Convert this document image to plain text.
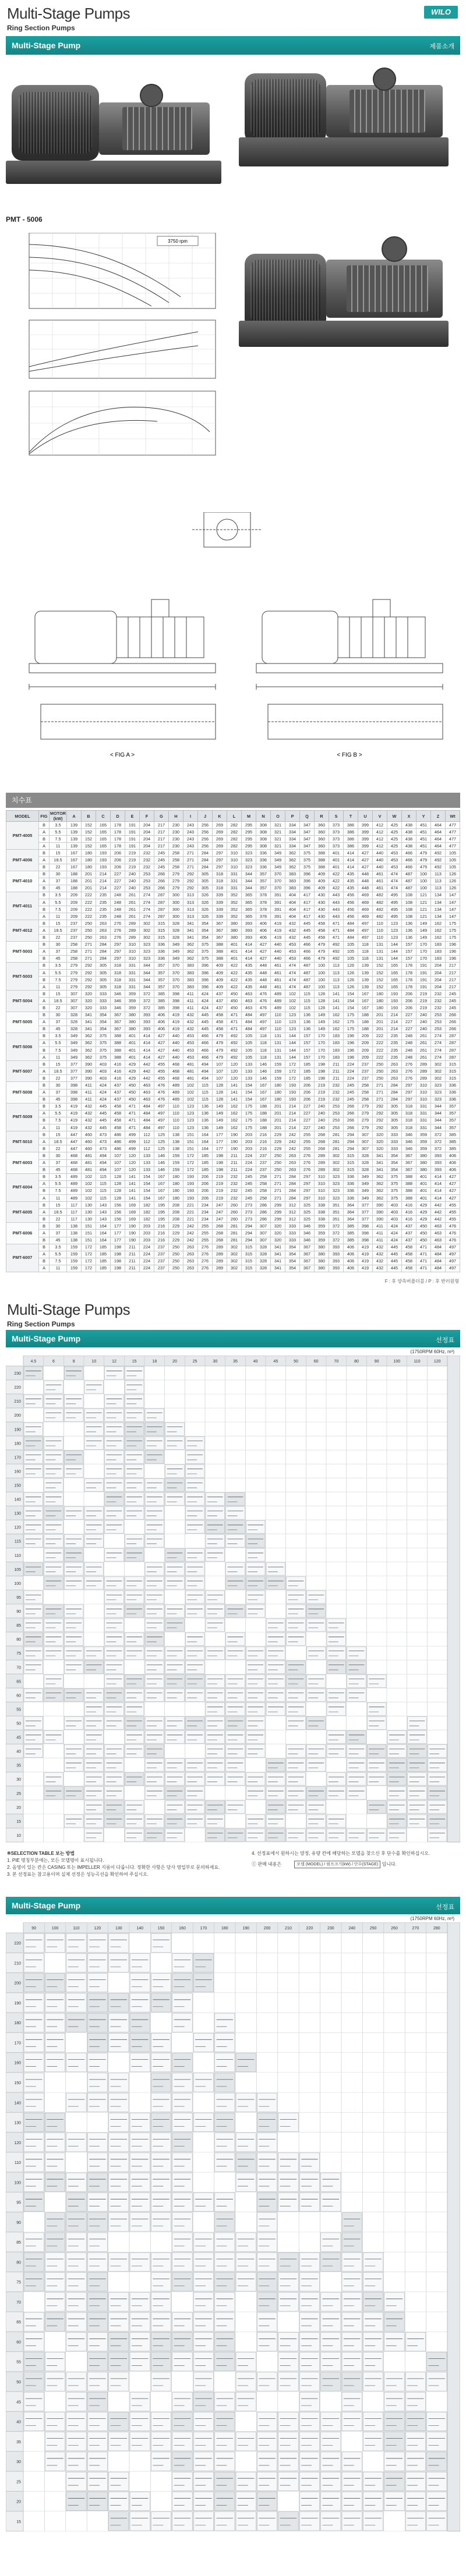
Multi-Stage Pumps
Ring Section Pumps
WILO
Multi-Stage Pump	제품소개
PMT - 5006
3750 rpm
< FIG A >	< FIG B >
치수표
MODEL	FIG	MOTOR (kW)	A	B	C	D	E	F	G	H	I	J	K	L	M	N	O	P	Q	R	S	T	U	V	W	X	Y	Z	Wt
PMT-4005	B	3.5	139	152	165	178	191	204	217	230	243	256	269	282	295	308	321	334	347	360	373	386	399	412	425	438	451	464	477
	A	5.5	139	152	165	178	191	204	217	230	243	256	269	282	295	308	321	334	347	360	373	386	399	412	425	438	451	464	477
	B	7.5	139	152	165	178	191	204	217	230	243	256	269	282	295	308	321	334	347	360	373	386	399	412	425	438	451	464	477
	A	11	139	152	165	178	191	204	217	230	243	256	269	282	295	308	321	334	347	360	373	386	399	412	425	438	451	464	477
PMT-4006	B	15	167	180	193	206	219	232	245	258	271	284	297	310	323	336	349	362	375	388	401	414	427	440	453	466	479	492	105
	A	18.5	167	180	193	206	219	232	245	258	271	284	297	310	323	336	349	362	375	388	401	414	427	440	453	466	479	492	105
	B	22	167	180	193	206	219	232	245	258	271	284	297	310	323	336	349	362	375	388	401	414	427	440	453	466	479	492	105
PMT-4010	B	30	188	201	214	227	240	253	266	279	292	305	318	331	344	357	370	383	396	409	422	435	448	461	474	487	100	113	126
	A	37	188	201	214	227	240	253	266	279	292	305	318	331	344	357	370	383	396	409	422	435	448	461	474	487	100	113	126
	B	45	188	201	214	227	240	253	266	279	292	305	318	331	344	357	370	383	396	409	422	435	448	461	474	487	100	113	126
PMT-4011	B	3.5	209	222	235	248	261	274	287	300	313	326	339	352	365	378	391	404	417	430	443	456	469	482	495	108	121	134	147
	A	5.5	209	222	235	248	261	274	287	300	313	326	339	352	365	378	391	404	417	430	443	456	469	482	495	108	121	134	147
	B	7.5	209	222	235	248	261	274	287	300	313	326	339	352	365	378	391	404	417	430	443	456	469	482	495	108	121	134	147
	A	11	209	222	235	248	261	274	287	300	313	326	339	352	365	378	391	404	417	430	443	456	469	482	495	108	121	134	147
PMT-4012	B	15	237	250	263	276	289	302	315	328	341	354	367	380	393	406	419	432	445	458	471	484	497	110	123	136	149	162	175
	A	18.5	237	250	263	276	289	302	315	328	341	354	367	380	393	406	419	432	445	458	471	484	497	110	123	136	149	162	175
	B	22	237	250	263	276	289	302	315	328	341	354	367	380	393	406	419	432	445	458	471	484	497	110	123	136	149	162	175
PMT-5003	B	30	258	271	284	297	310	323	336	349	362	375	388	401	414	427	440	453	466	479	492	105	118	131	144	157	170	183	196
	A	37	258	271	284	297	310	323	336	349	362	375	388	401	414	427	440	453	466	479	492	105	118	131	144	157	170	183	196
	B	45	258	271	284	297	310	323	336	349	362	375	388	401	414	427	440	453	466	479	492	105	118	131	144	157	170	183	196
PMT-5003	B	3.5	279	292	305	318	331	344	357	370	383	396	409	422	435	448	461	474	487	100	113	126	139	152	165	178	191	204	217
	A	5.5	279	292	305	318	331	344	357	370	383	396	409	422	435	448	461	474	487	100	113	126	139	152	165	178	191	204	217
	B	7.5	279	292	305	318	331	344	357	370	383	396	409	422	435	448	461	474	487	100	113	126	139	152	165	178	191	204	217
	A	11	279	292	305	318	331	344	357	370	383	396	409	422	435	448	461	474	487	100	113	126	139	152	165	178	191	204	217
PMT-5004	B	15	307	320	333	346	359	372	385	398	411	424	437	450	463	476	489	102	115	128	141	154	167	180	193	206	219	232	245
	A	18.5	307	320	333	346	359	372	385	398	411	424	437	450	463	476	489	102	115	128	141	154	167	180	193	206	219	232	245
	B	22	307	320	333	346	359	372	385	398	411	424	437	450	463	476	489	102	115	128	141	154	167	180	193	206	219	232	245
PMT-5005	B	30	328	341	354	367	380	393	406	419	432	445	458	471	484	497	110	123	136	149	162	175	188	201	214	227	240	253	266
	A	37	328	341	354	367	380	393	406	419	432	445	458	471	484	497	110	123	136	149	162	175	188	201	214	227	240	253	266
	B	45	328	341	354	367	380	393	406	419	432	445	458	471	484	497	110	123	136	149	162	175	188	201	214	227	240	253	266
PMT-5006	B	3.5	349	362	375	388	401	414	427	440	453	466	479	492	105	118	131	144	157	170	183	196	209	222	235	248	261	274	287
	A	5.5	349	362	375	388	401	414	427	440	453	466	479	492	105	118	131	144	157	170	183	196	209	222	235	248	261	274	287
	B	7.5	349	362	375	388	401	414	427	440	453	466	479	492	105	118	131	144	157	170	183	196	209	222	235	248	261	274	287
	A	11	349	362	375	388	401	414	427	440	453	466	479	492	105	118	131	144	157	170	183	196	209	222	235	248	261	274	287
PMT-5007	B	15	377	390	403	416	429	442	455	468	481	494	107	120	133	146	159	172	185	198	211	224	237	250	263	276	289	302	315
	A	18.5	377	390	403	416	429	442	455	468	481	494	107	120	133	146	159	172	185	198	211	224	237	250	263	276	289	302	315
	B	22	377	390	403	416	429	442	455	468	481	494	107	120	133	146	159	172	185	198	211	224	237	250	263	276	289	302	315
PMT-5008	B	30	398	411	424	437	450	463	476	489	102	115	128	141	154	167	180	193	206	219	232	245	258	271	284	297	310	323	336
	A	37	398	411	424	437	450	463	476	489	102	115	128	141	154	167	180	193	206	219	232	245	258	271	284	297	310	323	336
	B	45	398	411	424	437	450	463	476	489	102	115	128	141	154	167	180	193	206	219	232	245	258	271	284	297	310	323	336
PMT-5009	B	3.5	419	432	445	458	471	484	497	110	123	136	149	162	175	188	201	214	227	240	253	266	279	292	305	318	331	344	357
	A	5.5	419	432	445	458	471	484	497	110	123	136	149	162	175	188	201	214	227	240	253	266	279	292	305	318	331	344	357
	B	7.5	419	432	445	458	471	484	497	110	123	136	149	162	175	188	201	214	227	240	253	266	279	292	305	318	331	344	357
	A	11	419	432	445	458	471	484	497	110	123	136	149	162	175	188	201	214	227	240	253	266	279	292	305	318	331	344	357
PMT-5010	B	15	447	460	473	486	499	112	125	138	151	164	177	190	203	216	229	242	255	268	281	294	307	320	333	346	359	372	385
	A	18.5	447	460	473	486	499	112	125	138	151	164	177	190	203	216	229	242	255	268	281	294	307	320	333	346	359	372	385
	B	22	447	460	473	486	499	112	125	138	151	164	177	190	203	216	229	242	255	268	281	294	307	320	333	346	359	372	385
PMT-6003	B	30	468	481	494	107	120	133	146	159	172	185	198	211	224	237	250	263	276	289	302	315	328	341	354	367	380	393	406
	A	37	468	481	494	107	120	133	146	159	172	185	198	211	224	237	250	263	276	289	302	315	328	341	354	367	380	393	406
	B	45	468	481	494	107	120	133	146	159	172	185	198	211	224	237	250	263	276	289	302	315	328	341	354	367	380	393	406
PMT-6004	B	3.5	489	102	115	128	141	154	167	180	193	206	219	232	245	258	271	284	297	310	323	336	349	362	375	388	401	414	427
	A	5.5	489	102	115	128	141	154	167	180	193	206	219	232	245	258	271	284	297	310	323	336	349	362	375	388	401	414	427
	B	7.5	489	102	115	128	141	154	167	180	193	206	219	232	245	258	271	284	297	310	323	336	349	362	375	388	401	414	427
	A	11	489	102	115	128	141	154	167	180	193	206	219	232	245	258	271	284	297	310	323	336	349	362	375	388	401	414	427
PMT-6005	B	15	117	130	143	156	169	182	195	208	221	234	247	260	273	286	299	312	325	338	351	364	377	390	403	416	429	442	455
	A	18.5	117	130	143	156	169	182	195	208	221	234	247	260	273	286	299	312	325	338	351	364	377	390	403	416	429	442	455
	B	22	117	130	143	156	169	182	195	208	221	234	247	260	273	286	299	312	325	338	351	364	377	390	403	416	429	442	455
PMT-6006	B	30	138	151	164	177	190	203	216	229	242	255	268	281	294	307	320	333	346	359	372	385	398	411	424	437	450	463	476
	A	37	138	151	164	177	190	203	216	229	242	255	268	281	294	307	320	333	346	359	372	385	398	411	424	437	450	463	476
	B	45	138	151	164	177	190	203	216	229	242	255	268	281	294	307	320	333	346	359	372	385	398	411	424	437	450	463	476
PMT-6007	B	3.5	159	172	185	198	211	224	237	250	263	276	289	302	315	328	341	354	367	380	393	406	419	432	445	458	471	484	497
	A	5.5	159	172	185	198	211	224	237	250	263	276	289	302	315	328	341	354	367	380	393	406	419	432	445	458	471	484	497
	B	7.5	159	172	185	198	211	224	237	250	263	276	289	302	315	328	341	354	367	380	393	406	419	432	445	458	471	484	497
	A	11	159	172	185	198	211	224	237	250	263	276	289	302	315	328	341	354	367	380	393	406	419	432	445	458	471	484	497
F : 후 양측버플더블 / P : 후 반러원형
Multi-Stage Pumps
Ring Section Pumps
Multi-Stage Pump	선정표
(1750RPM 60Hz, m³)
4.5	6	8	10	12	15	18	20	25	30	35	40	45	50	60	70	80	90	100	110	120
230
220
210
200
190
180
170
160
150
140
130
120
115
110
105
100
95
90
85
80
75
70
65
60
55
50
45
40
35
30
25
20
15
10
※SELECTION TABLE 보는 방법
1. PIE 명칭부분에는, 모든 모델명이 표시됩니다.
2. 음영이 있는 칸은 CASING 또는 IMPELLER 지름이 다릅니다. 정확한 사항은 당사 영업부로 문의하세요.
3. 본 선정표는 참고용이며 실제 선정은 성능곡선을 확인하여 주십시오.
4. 선정표에서 원하시는 양정, 유량 칸에 해당하는 모델을 찾으신 후 단수를 확인하십시오.
① 판매 내용은	모델 (MODEL) / 펌프크기(kW) / 단수(STAGE) 입니다.
Multi-Stage Pump	선정표
(1750RPM 60Hz, m³)
90	100	110	120	130	140	150	160	170	180	190	200	210	220	230	240	250	260	270	280
220
210
200
190
180
170
160
150
140
130
120
110
100
95
90
85
80
75
70
65
60
55
50
45
40
35
30
25
20
15
